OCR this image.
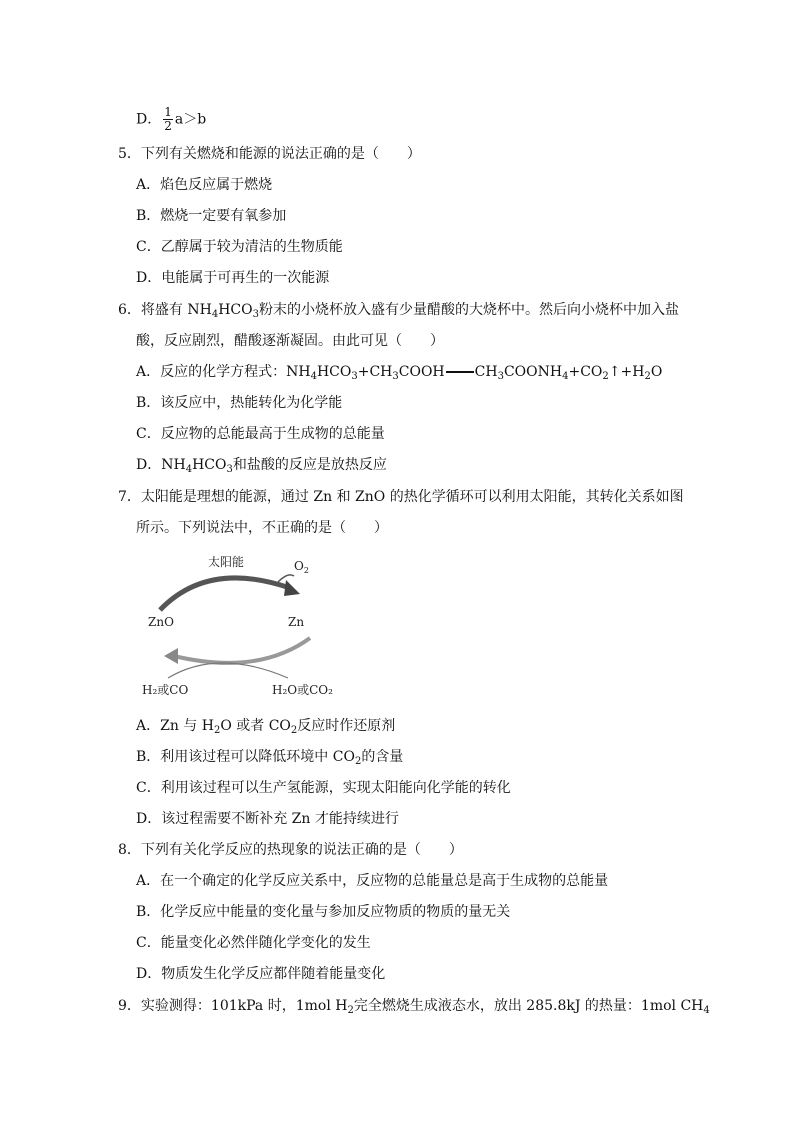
D． $\frac{1}{2} a>b$
5．下列有关燃烧和能源的说法正确的是（　　）
A．焰色反应属于燃烧
B．燃烧一定要有氧参加
C．乙醇属于较为清洁的生物质能
D．电能属于可再生的一次能源
6．将盛有 $NH_4HCO_3$粉末的小烧杯放入盛有少量醋酸的大烧杯中。然后向小烧杯中加入盐
酸，反应剧烈，醋酸逐渐凝固。由此可见（　　）
A．反应的化学方程式：$NH_4HCO_3+CH_3COOH$ $CH_3COONH_4+CO_2↑+H_2O$
B．该反应中，热能转化为化学能
C．反应物的总能最高于生成物的总能量
D．$NH_4HCO_3$和盐酸的反应是放热反应
7．太阳能是理想的能源，通过 Zn 和 ZnO 的热化学循环可以利用太阳能，其转化关系如图
所示。下列说法中，不正确的是（　　）
太阳能	$O_2$
ZnO	Zn
H₂或CO	H₂O或CO₂
A．Zn 与 $H_2O$ 或者 $CO_2$反应时作还原剂
B．利用该过程可以降低环境中 $CO_2$的含量
C．利用该过程可以生产氢能源，实现太阳能向化学能的转化
D．该过程需要不断补充 Zn 才能持续进行
8．下列有关化学反应的热现象的说法正确的是（　　）
A．在一个确定的化学反应关系中，反应物的总能量总是高于生成物的总能量
B．化学反应中能量的变化量与参加反应物质的物质的量无关
C．能量变化必然伴随化学变化的发生
D．物质发生化学反应都伴随着能量变化
9．实验测得：101kPa 时，1mol $H_2$完全燃烧生成液态水，放出 285.8kJ 的热量：1mol $CH_4$
